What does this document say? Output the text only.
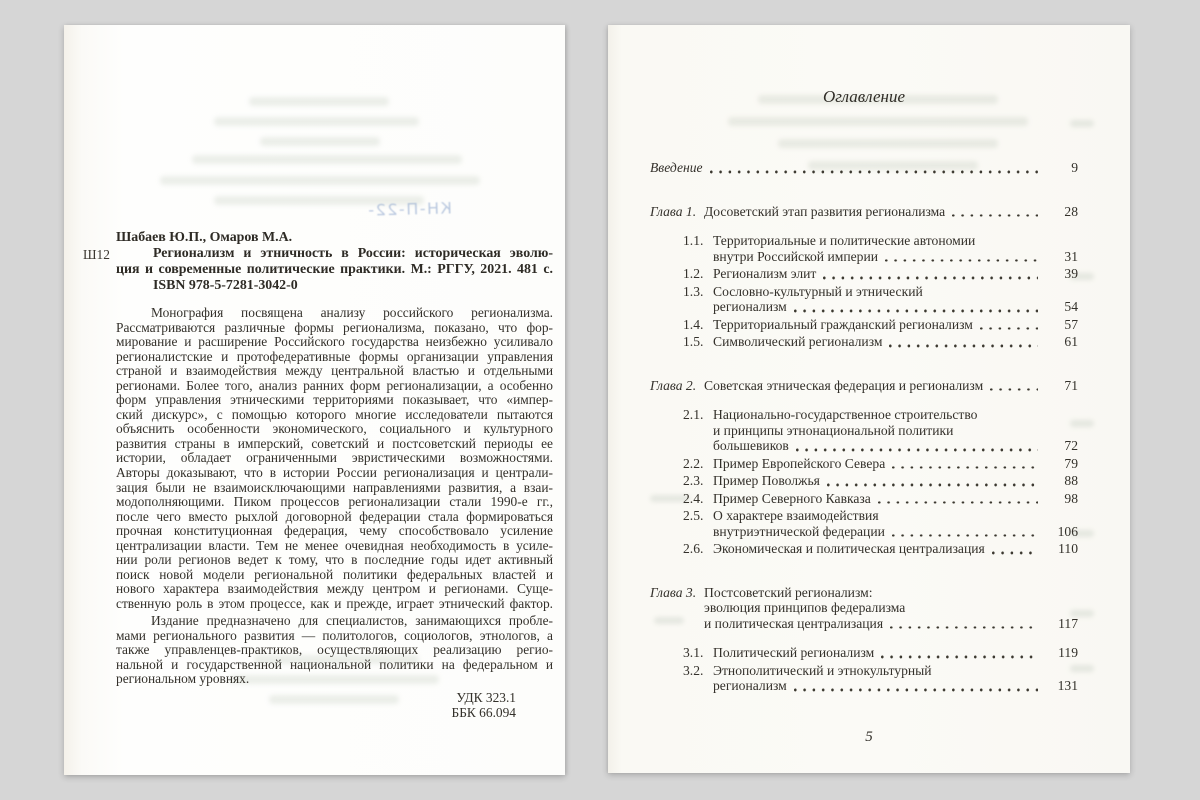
КН-П-22-
Ш12
Шабаев Ю.П., Омаров М.А.
Регионализм и этничность в России: историческая эволю-
ция и современные политические практики. М.: РГГУ, 2021. 481 с.
ISBN 978-5-7281-3042-0
Монография посвящена анализу российского регионализма.
Рассматриваются различные формы регионализма, показано, что фор-
мирование и расширение Российского государства неизбежно усиливало
регионалистские и протофедеративные формы организации управления
страной и взаимодействия между центральной властью и отдельными
регионами. Более того, анализ ранних форм регионализации, а особенно
форм управления этническими территориями показывает, что «импер-
ский дискурс», с помощью которого многие исследователи пытаются
объяснить особенности экономического, социального и культурного
развития страны в имперский, советский и постсоветский периоды ее
истории, обладает ограниченными эвристическими возможностями.
Авторы доказывают, что в истории России регионализация и централи-
зация были не взаимоисключающими направлениями развития, а взаи-
модополняющими. Пиком процессов регионализации стали 1990-е гг.,
после чего вместо рыхлой договорной федерации стала формироваться
прочная конституционная федерация, чему способствовало усиление
централизации власти. Тем не менее очевидная необходимость в усиле-
нии роли регионов ведет к тому, что в последние годы идет активный
поиск новой модели региональной политики федеральных властей и
нового характера взаимодействия между центром и регионами. Суще-
ственную роль в этом процессе, как и прежде, играет этнический фактор.
Издание предназначено для специалистов, занимающихся пробле-
мами регионального развития — политологов, социологов, этнологов, а
также управленцев-практиков, осуществляющих реализацию регио-
нальной и государственной национальной политики на федеральном и
региональном уровнях.
УДК 323.1
ББК 66.094
Оглавление
Введение	9
Глава 1. Досоветский этап развития регионализма	28
1.1. Территориальные и политические автономии
внутри Российской империи	31
1.2. Регионализм элит	39
1.3. Сословно-культурный и этнический
регионализм	54
1.4. Территориальный гражданский регионализм	57
1.5. Символический регионализм	61
Глава 2. Советская этническая федерация и регионализм	71
2.1. Национально-государственное строительство
и принципы этнонациональной политики
большевиков	72
2.2. Пример Европейского Севера	79
2.3. Пример Поволжья	88
2.4. Пример Северного Кавказа	98
2.5. О характере взаимодействия
внутриэтнической федерации	106
2.6. Экономическая и политическая централизация	110
Глава 3. Постсоветский регионализм:
эволюция принципов федерализма
и политическая централизация	117
3.1. Политический регионализм	119
3.2. Этнополитический и этнокультурный
регионализм	131
5
